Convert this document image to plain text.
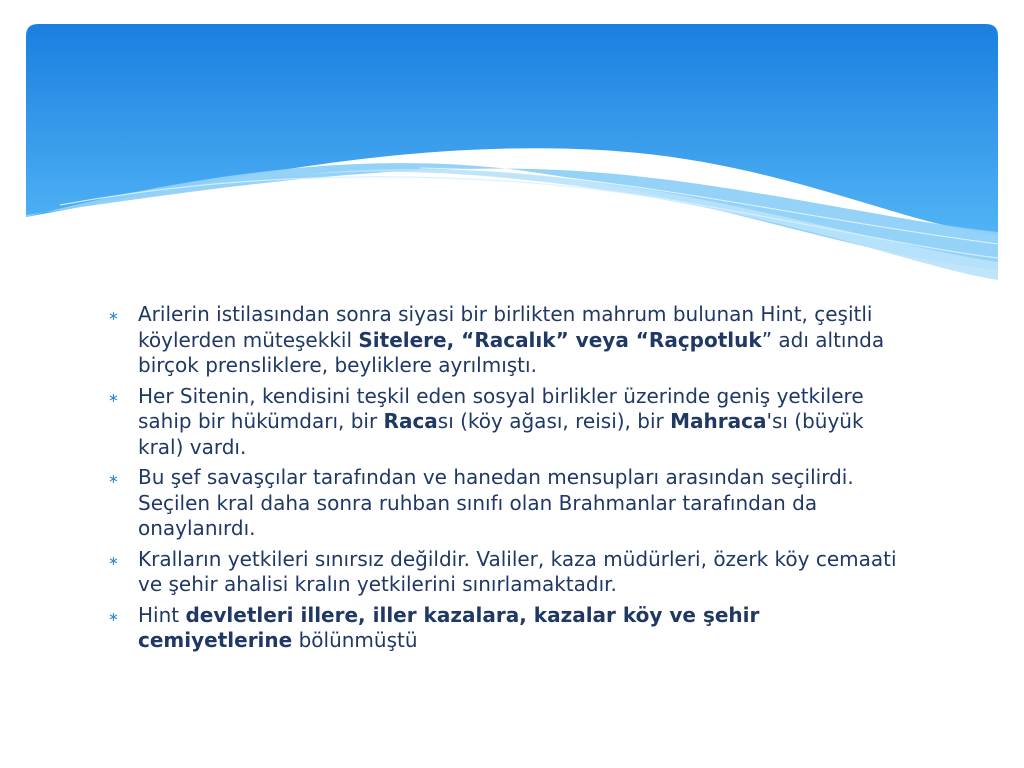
∗ Arilerin istilasından sonra siyasi bir birlikten mahrum bulunan Hint, çeşitli köylerden müteşekkil Sitelere, “Racalık” veya “Raçpotluk” adı altında birçok prensliklere, beyliklere ayrılmıştı.
∗ Her Sitenin, kendisini teşkil eden sosyal birlikler üzerinde geniş yetkilere sahip bir hükümdarı, bir Racası (köy ağası, reisi), bir Mahraca'sı (büyük kral) vardı.
∗ Bu şef savaşçılar tarafından ve hanedan mensupları arasından seçilirdi. Seçilen kral daha sonra ruhban sınıfı olan Brahmanlar tarafından da onaylanırdı.
∗ Kralların yetkileri sınırsız değildir. Valiler, kaza müdürleri, özerk köy cemaati ve şehir ahalisi kralın yetkilerini sınırlamaktadır.
∗ Hint devletleri illere, iller kazalara, kazalar köy ve şehir cemiyetlerine bölünmüştü
